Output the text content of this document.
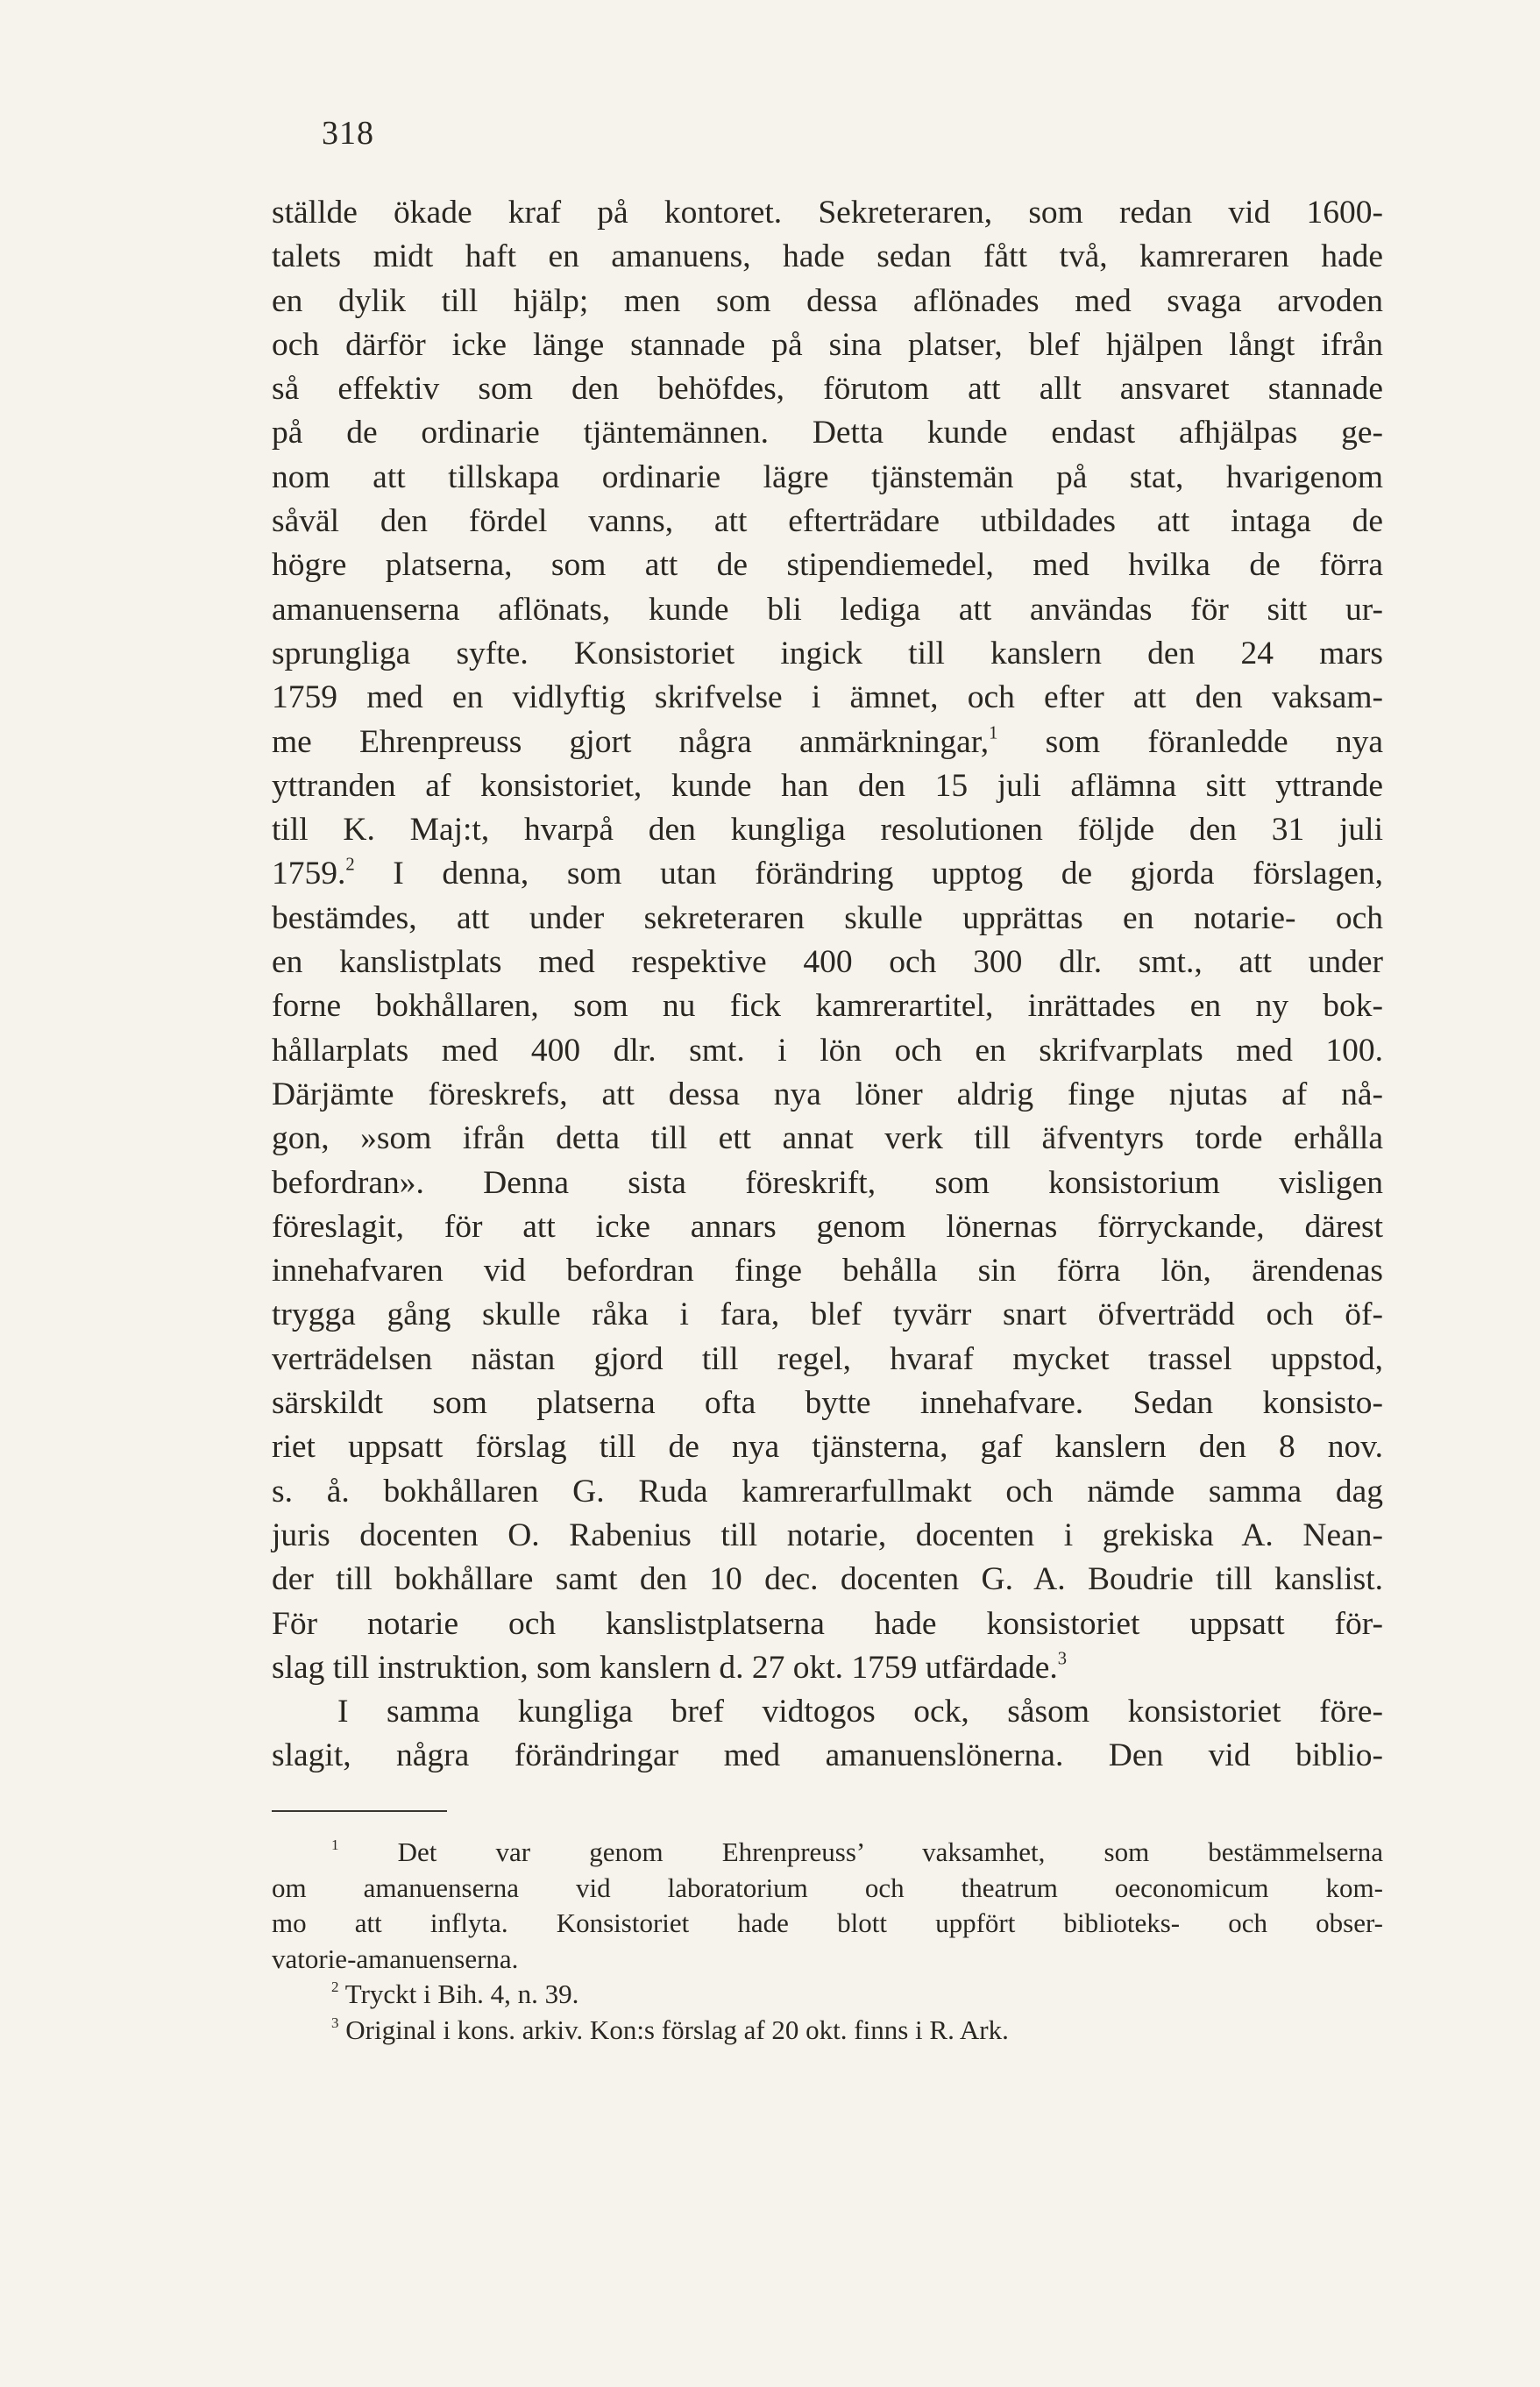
318
ställde ökade kraf på kontoret. Sekreteraren, som redan vid 1600-
talets midt haft en amanuens, hade sedan fått två, kamreraren hade
en dylik till hjälp; men som dessa aflönades med svaga arvoden
och därför icke länge stannade på sina platser, blef hjälpen långt ifrån
så effektiv som den behöfdes, förutom att allt ansvaret stannade
på de ordinarie tjäntemännen. Detta kunde endast afhjälpas ge-
nom att tillskapa ordinarie lägre tjänstemän på stat, hvarigenom
såväl den fördel vanns, att efterträdare utbildades att intaga de
högre platserna, som att de stipendiemedel, med hvilka de förra
amanuenserna aflönats, kunde bli lediga att användas för sitt ur-
sprungliga syfte. Konsistoriet ingick till kanslern den 24 mars
1759 med en vidlyftig skrifvelse i ämnet, och efter att den vaksam-
me Ehrenpreuss gjort några anmärkningar,$^1$ som föranledde nya
yttranden af konsistoriet, kunde han den 15 juli aflämna sitt yttrande
till K. Maj:t, hvarpå den kungliga resolutionen följde den 31 juli
1759.$^2$ I denna, som utan förändring upptog de gjorda förslagen,
bestämdes, att under sekreteraren skulle upprättas en notarie- och
en kanslistplats med respektive 400 och 300 dlr. smt., att under
forne bokhållaren, som nu fick kamrerartitel, inrättades en ny bok-
hållarplats med 400 dlr. smt. i lön och en skrifvarplats med 100.
Därjämte föreskrefs, att dessa nya löner aldrig finge njutas af nå-
gon, »som ifrån detta till ett annat verk till äfventyrs torde erhålla
befordran». Denna sista föreskrift, som konsistorium visligen
föreslagit, för att icke annars genom lönernas förryckande, därest
innehafvaren vid befordran finge behålla sin förra lön, ärendenas
trygga gång skulle råka i fara, blef tyvärr snart öfverträdd och öf-
verträdelsen nästan gjord till regel, hvaraf mycket trassel uppstod,
särskildt som platserna ofta bytte innehafvare. Sedan konsisto-
riet uppsatt förslag till de nya tjänsterna, gaf kanslern den 8 nov.
s. å. bokhållaren G. Ruda kamrerarfullmakt och nämde samma dag
juris docenten O. Rabenius till notarie, docenten i grekiska A. Nean-
der till bokhållare samt den 10 dec. docenten G. A. Boudrie till kanslist.
För notarie och kanslistplatserna hade konsistoriet uppsatt för-
slag till instruktion, som kanslern d. 27 okt. 1759 utfärdade.$^3$
I samma kungliga bref vidtogos ock, såsom konsistoriet före-
slagit, några förändringar med amanuenslönerna. Den vid biblio-
$^1$ Det var genom Ehrenpreuss’ vaksamhet, som bestämmelserna
om amanuenserna vid laboratorium och theatrum oeconomicum kom-
mo att inflyta. Konsistoriet hade blott uppfört biblioteks- och obser-
vatorie-amanuenserna.
$^2$ Tryckt i Bih. 4, n. 39.
$^3$ Original i kons. arkiv. Kon:s förslag af 20 okt. finns i R. Ark.
